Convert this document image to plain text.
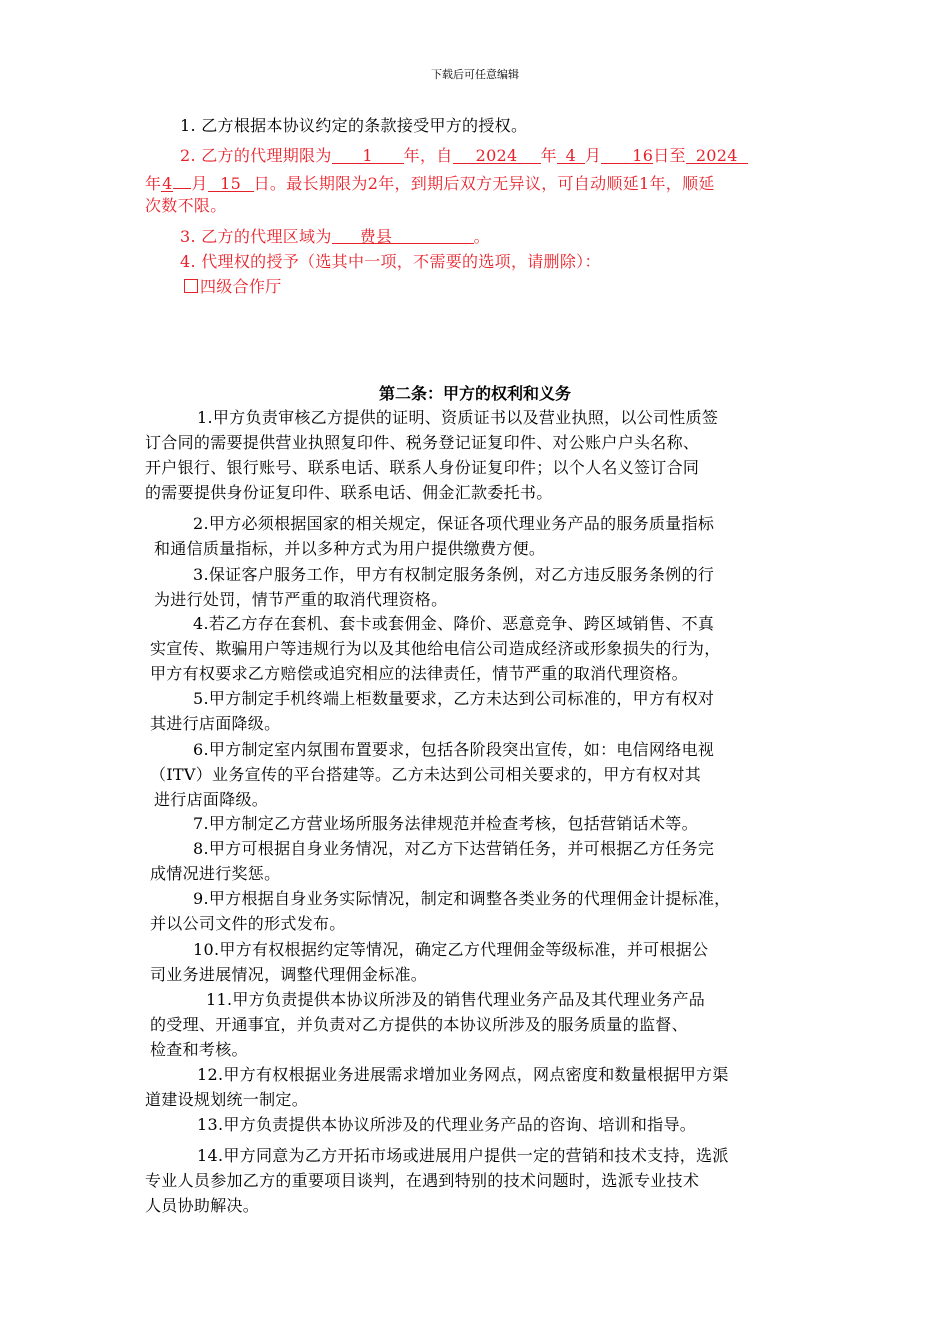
下载后可任意编辑
1. 乙方根据本协议约定的条款接受甲方的授权。
2. 乙方的代理期限为 1 年，自 2024 年 4 月 16日至 2024
年4 月 15 日。最长期限为2年，到期后双方无异议，可自动顺延1年，顺延
次数不限。
3. 乙方的代理区域为 费县	。
4. 代理权的授予（选其中一项，不需要的选项，请删除）：
四级合作厅
第二条：甲方的权利和义务
1.甲方负责审核乙方提供的证明、资质证书以及营业执照，以公司性质签
订合同的需要提供营业执照复印件、税务登记证复印件、对公账户户头名称、
开户银行、银行账号、联系电话、联系人身份证复印件；以个人名义签订合同
的需要提供身份证复印件、联系电话、佣金汇款委托书。
2.甲方必须根据国家的相关规定，保证各项代理业务产品的服务质量指标
和通信质量指标，并以多种方式为用户提供缴费方便。
3.保证客户服务工作，甲方有权制定服务条例，对乙方违反服务条例的行
为进行处罚，情节严重的取消代理资格。
4.若乙方存在套机、套卡或套佣金、降价、恶意竞争、跨区域销售、不真
实宣传、欺骗用户等违规行为以及其他给电信公司造成经济或形象损失的行为，
甲方有权要求乙方赔偿或追究相应的法律责任，情节严重的取消代理资格。
5.甲方制定手机终端上柜数量要求，乙方未达到公司标准的，甲方有权对
其进行店面降级。
6.甲方制定室内氛围布置要求，包括各阶段突出宣传，如：电信网络电视
（ITV）业务宣传的平台搭建等。乙方未达到公司相关要求的，甲方有权对其
进行店面降级。
7.甲方制定乙方营业场所服务法律规范并检查考核，包括营销话术等。
8.甲方可根据自身业务情况，对乙方下达营销任务，并可根据乙方任务完
成情况进行奖惩。
9.甲方根据自身业务实际情况，制定和调整各类业务的代理佣金计提标准，
并以公司文件的形式发布。
10.甲方有权根据约定等情况，确定乙方代理佣金等级标准，并可根据公
司业务进展情况，调整代理佣金标准。
11.甲方负责提供本协议所涉及的销售代理业务产品及其代理业务产品
的受理、开通事宜，并负责对乙方提供的本协议所涉及的服务质量的监督、
检查和考核。
12.甲方有权根据业务进展需求增加业务网点，网点密度和数量根据甲方渠
道建设规划统一制定。
13.甲方负责提供本协议所涉及的代理业务产品的咨询、培训和指导。
14.甲方同意为乙方开拓市场或进展用户提供一定的营销和技术支持，选派
专业人员参加乙方的重要项目谈判，在遇到特别的技术问题时，选派专业技术
人员协助解决。
